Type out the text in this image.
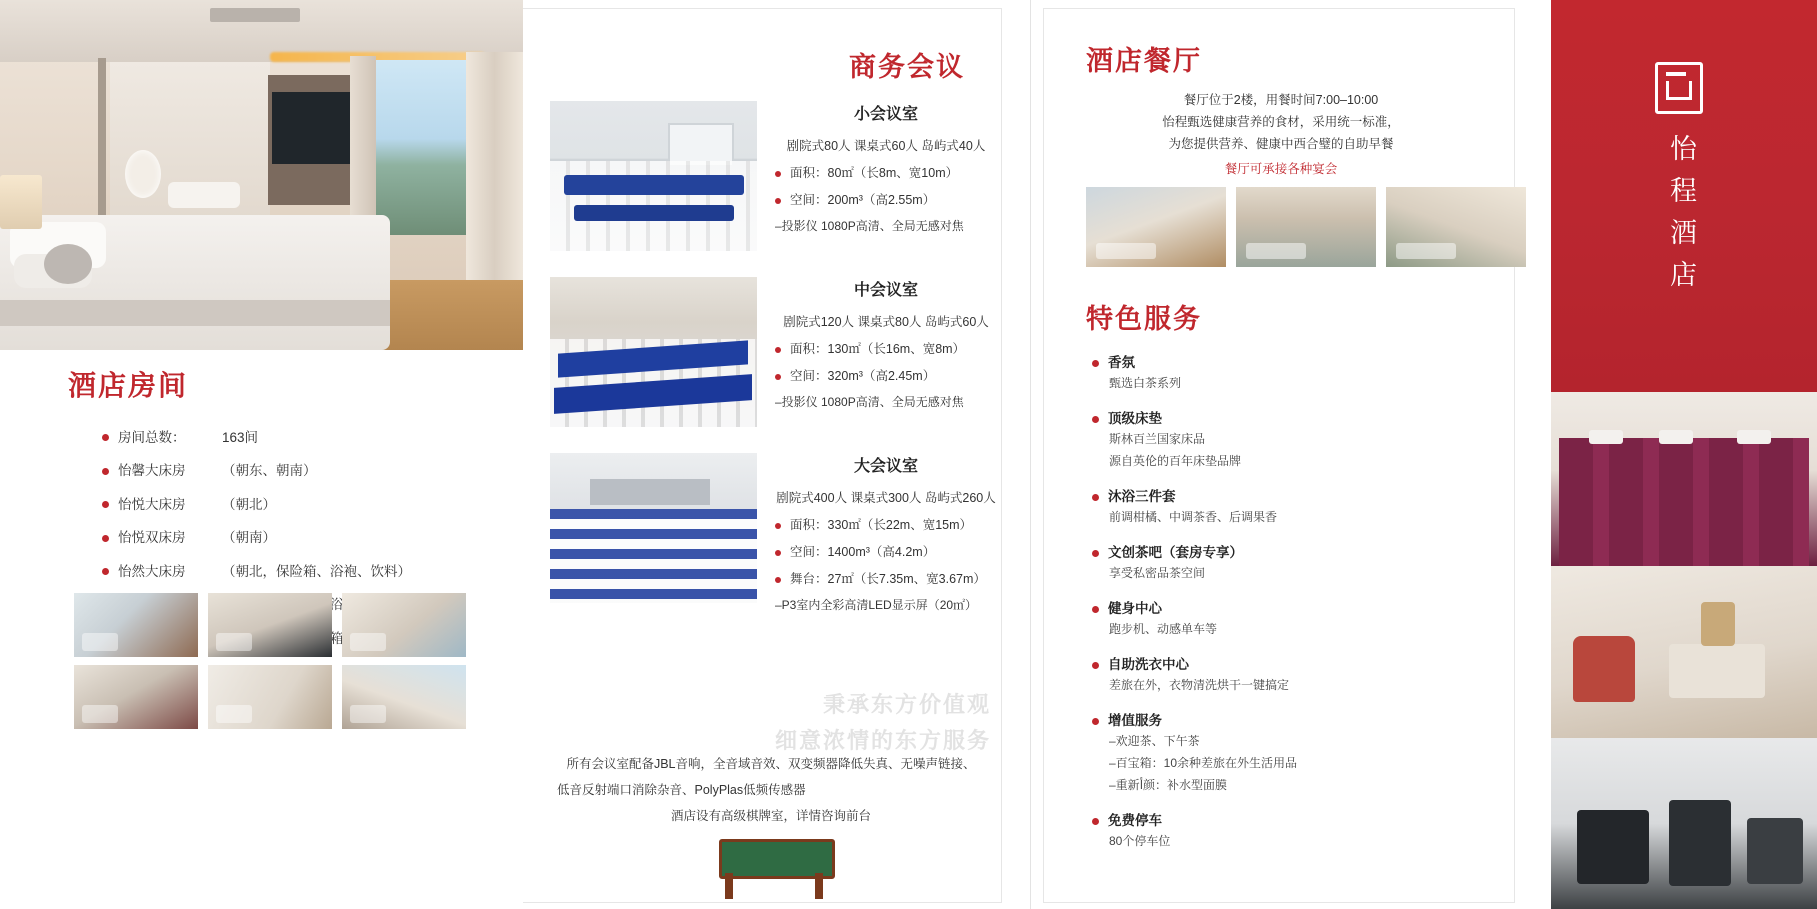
酒店房间
房间总数：	163间
怡馨大床房	（朝东、朝南）
怡悦大床房	（朝北）
怡悦双床房	（朝南）
怡然大床房	（朝北，保险箱、浴袍、饮料）
商务会议
小会议室

剧院式80人 课桌式60人 岛屿式40人

面积：80㎡（长8m、宽10m）

空间：200m³（高2.55m）

–投影仪 1080P高清、全局无感对焦

中会议室

剧院式120人 课桌式80人 岛屿式60人

面积：130㎡（长16m、宽8m）

空间：320m³（高2.45m）

–投影仪 1080P高清、全局无感对焦

大会议室

剧院式400人 课桌式300人 岛屿式260人

面积：330㎡（长22m、宽15m）

空间：1400m³（高4.2m）

舞台：27㎡（长7.35m、宽3.67m）

–P3室内全彩高清LED显示屏（20㎡）

所有会议室配备JBL音响，全音域音效、双变频器降低失真、无噪声链接、
低音反射端口消除杂音、PolyPlas低频传感器
酒店设有高级棋牌室，详情咨询前台
秉承东方价值观
细意浓情的东方服务
酒店餐厅
餐厅位于2楼，用餐时间7:00–10:00
怡程甄选健康营养的食材，采用统一标准，
为您提供营养、健康中西合璧的自助早餐
餐厅可承接各种宴会
特色服务
香氛
甄选白茶系列
顶级床垫
斯林百兰国家床品
源自英伦的百年床垫品牌
沐浴三件套
前调柑橘、中调茶香、后调果香
文创茶吧（套房专享）
享受私密品茶空间
健身中心
跑步机、动感单车等
自助洗衣中心
差旅在外，衣物清洗烘干一键搞定
增值服务
–欢迎茶、下午茶
–百宝箱：10余种差旅在外生活用品
–重新أ颜：补水型面膜
免费停车
80个停车位
怡程酒店
